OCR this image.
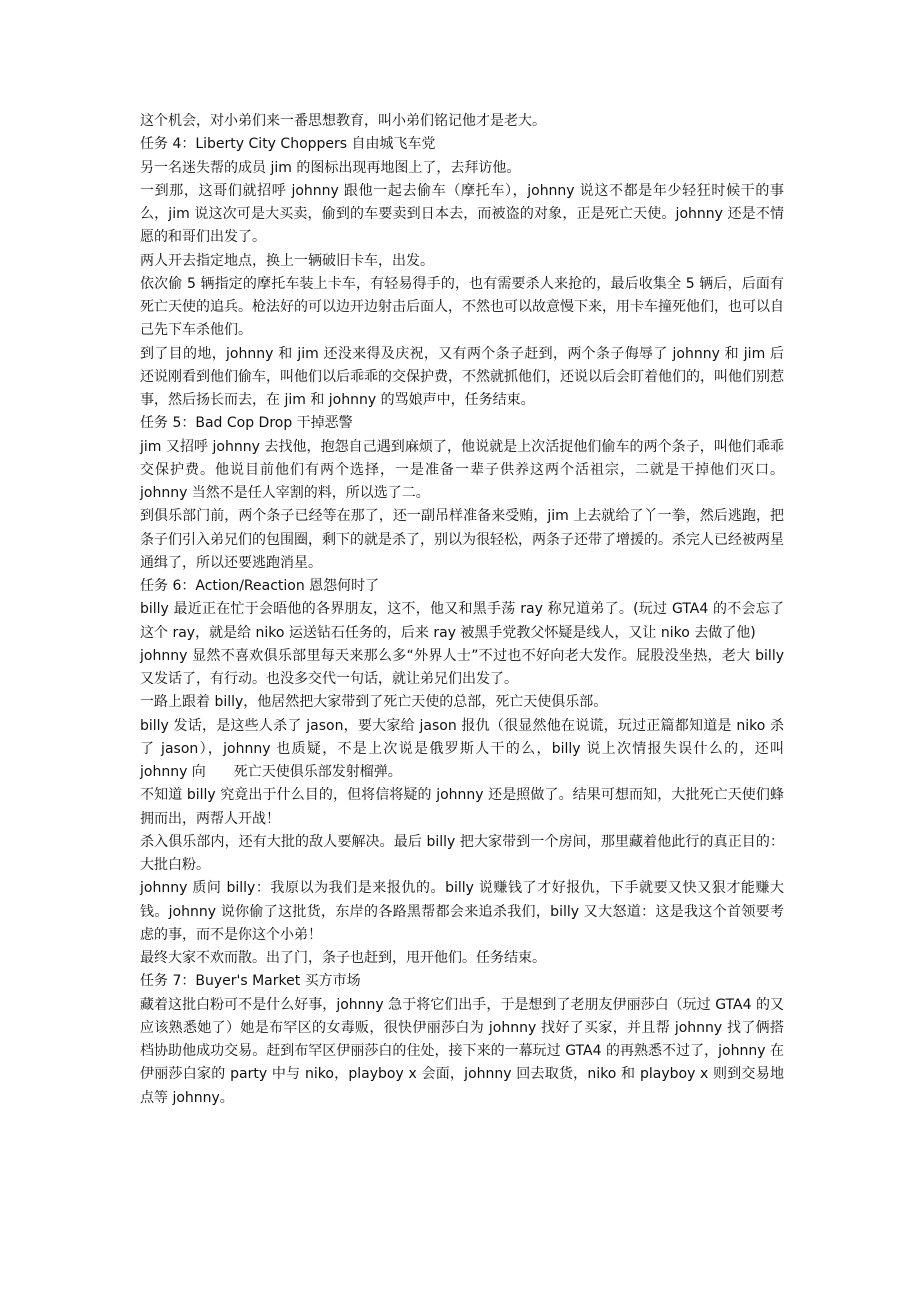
这个机会，对小弟们来一番思想教育，叫小弟们铭记他才是老大。

任务 4：Liberty City Choppers 自由城飞车党

另一名迷失帮的成员 jim 的图标出现再地图上了，去拜访他。

一到那，这哥们就招呼 johnny 跟他一起去偷车（摩托车），johnny 说这不都是年少轻狂时候干的事么，jim 说这次可是大买卖，偷到的车要卖到日本去，而被盗的对象，正是死亡天使。johnny 还是不情愿的和哥们出发了。

两人开去指定地点，换上一辆破旧卡车，出发。

依次偷 5 辆指定的摩托车装上卡车，有轻易得手的，也有需要杀人来抢的，最后收集全 5 辆后，后面有死亡天使的追兵。枪法好的可以边开边射击后面人，不然也可以故意慢下来，用卡车撞死他们，也可以自己先下车杀他们。

到了目的地，johnny 和 jim 还没来得及庆祝，又有两个条子赶到，两个条子侮辱了 johnny 和 jim 后还说刚看到他们偷车，叫他们以后乖乖的交保护费，不然就抓他们，还说以后会盯着他们的，叫他们别惹事，然后扬长而去，在 jim 和 johnny 的骂娘声中，任务结束。

任务 5：Bad Cop Drop 干掉恶警

jim 又招呼 johnny 去找他，抱怨自己遇到麻烦了，他说就是上次活捉他们偷车的两个条子，叫他们乖乖交保护费。他说目前他们有两个选择，一是准备一辈子供养这两个活祖宗，二就是干掉他们灭口。johnny 当然不是任人宰割的料，所以选了二。

到俱乐部门前，两个条子已经等在那了，还一副吊样准备来受贿，jim 上去就给了丫一拳，然后逃跑，把条子们引入弟兄们的包围圈，剩下的就是杀了，别以为很轻松，两条子还带了增援的。杀完人已经被两星通缉了，所以还要逃跑消星。

任务 6：Action/Reaction 恩怨何时了

billy 最近正在忙于会晤他的各界朋友，这不，他又和黑手荡 ray 称兄道弟了。(玩过 GTA4 的不会忘了这个 ray，就是给 niko 运送钻石任务的，后来 ray 被黑手党教父怀疑是线人，又让 niko 去做了他)

johnny 显然不喜欢俱乐部里每天来那么多“外界人士”不过也不好向老大发作。屁股没坐热，老大 billy 又发话了，有行动。也没多交代一句话，就让弟兄们出发了。

一路上跟着 billy，他居然把大家带到了死亡天使的总部，死亡天使俱乐部。

billy 发话，是这些人杀了 jason，要大家给 jason 报仇（很显然他在说谎，玩过正篇都知道是 niko 杀了 jason），johnny 也质疑，不是上次说是俄罗斯人干的么，billy 说上次情报失误什么的，还叫 johnny 向　　死亡天使俱乐部发射榴弹。

不知道 billy 究竟出于什么目的，但将信将疑的 johnny 还是照做了。结果可想而知，大批死亡天使们蜂拥而出，两帮人开战！

杀入俱乐部内，还有大批的敌人要解决。最后 billy 把大家带到一个房间，那里藏着他此行的真正目的：大批白粉。

johnny 质问 billy：我原以为我们是来报仇的。billy 说赚钱了才好报仇，下手就要又快又狠才能赚大钱。johnny 说你偷了这批货，东岸的各路黑帮都会来追杀我们，billy 又大怒道：这是我这个首领要考虑的事，而不是你这个小弟！

最终大家不欢而散。出了门，条子也赶到，甩开他们。任务结束。

任务 7：Buyer's Market 买方市场

藏着这批白粉可不是什么好事，johnny 急于将它们出手，于是想到了老朋友伊丽莎白（玩过 GTA4 的又应该熟悉她了）她是布罕区的女毒贩，很快伊丽莎白为 johnny 找好了买家，并且帮 johnny 找了俩搭档协助他成功交易。赶到布罕区伊丽莎白的住处，接下来的一幕玩过 GTA4 的再熟悉不过了，johnny 在伊丽莎白家的 party 中与 niko，playboy x 会面，johnny 回去取货，niko 和 playboy x 则到交易地点等 johnny。
